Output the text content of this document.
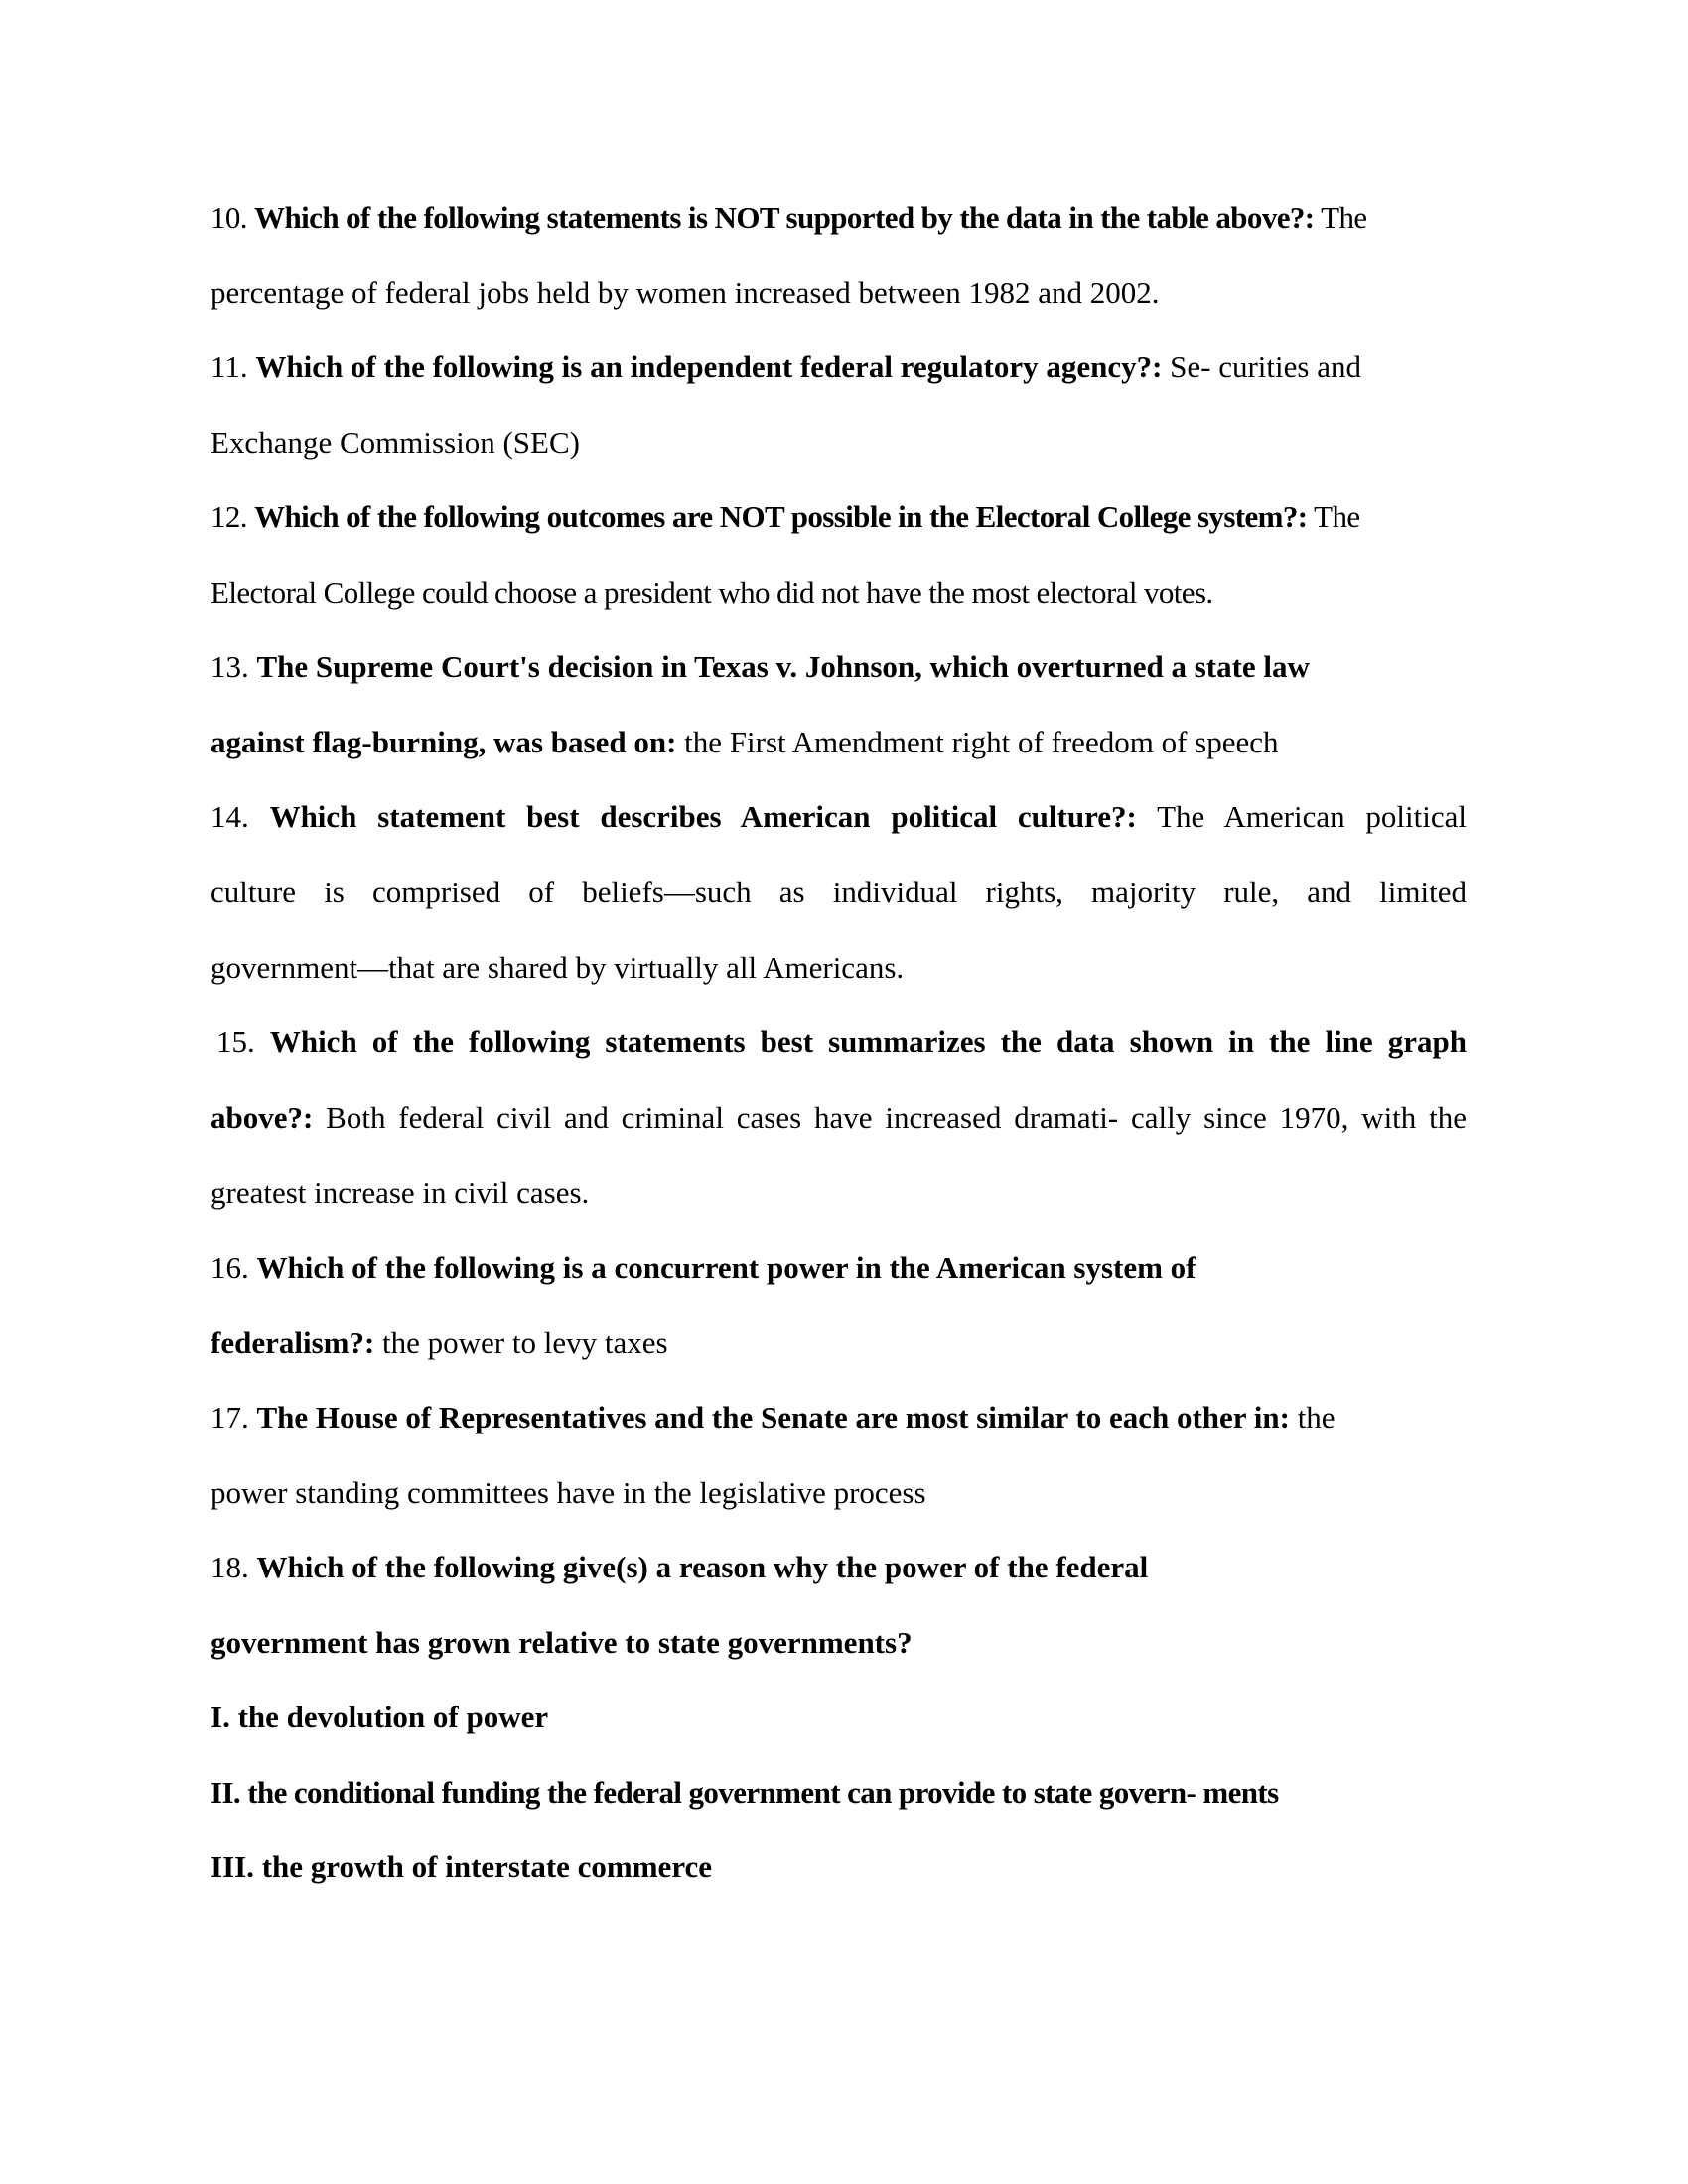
10. Which of the following statements is NOT supported by the data in the table above?: The
percentage of federal jobs held by women increased between 1982 and 2002.
11. Which of the following is an independent federal regulatory agency?: Se- curities and
Exchange Commission (SEC)
12. Which of the following outcomes are NOT possible in the Electoral College system?: The
Electoral College could choose a president who did not have the most electoral votes.
13. The Supreme Court's decision in Texas v. Johnson, which overturned a state law
against flag-burning, was based on: the First Amendment right of freedom of speech
14. Which statement best describes American political culture?: The American political
culture is comprised of beliefs—such as individual rights, majority rule, and limited
government—that are shared by virtually all Americans.
15. Which of the following statements best summarizes the data shown in the line graph
above?: Both federal civil and criminal cases have increased dramati- cally since 1970, with the
greatest increase in civil cases.
16. Which of the following is a concurrent power in the American system of
federalism?: the power to levy taxes
17. The House of Representatives and the Senate are most similar to each other in: the
power standing committees have in the legislative process
18. Which of the following give(s) a reason why the power of the federal
government has grown relative to state governments?
I. the devolution of power
II. the conditional funding the federal government can provide to state govern- ments
III. the growth of interstate commerce
